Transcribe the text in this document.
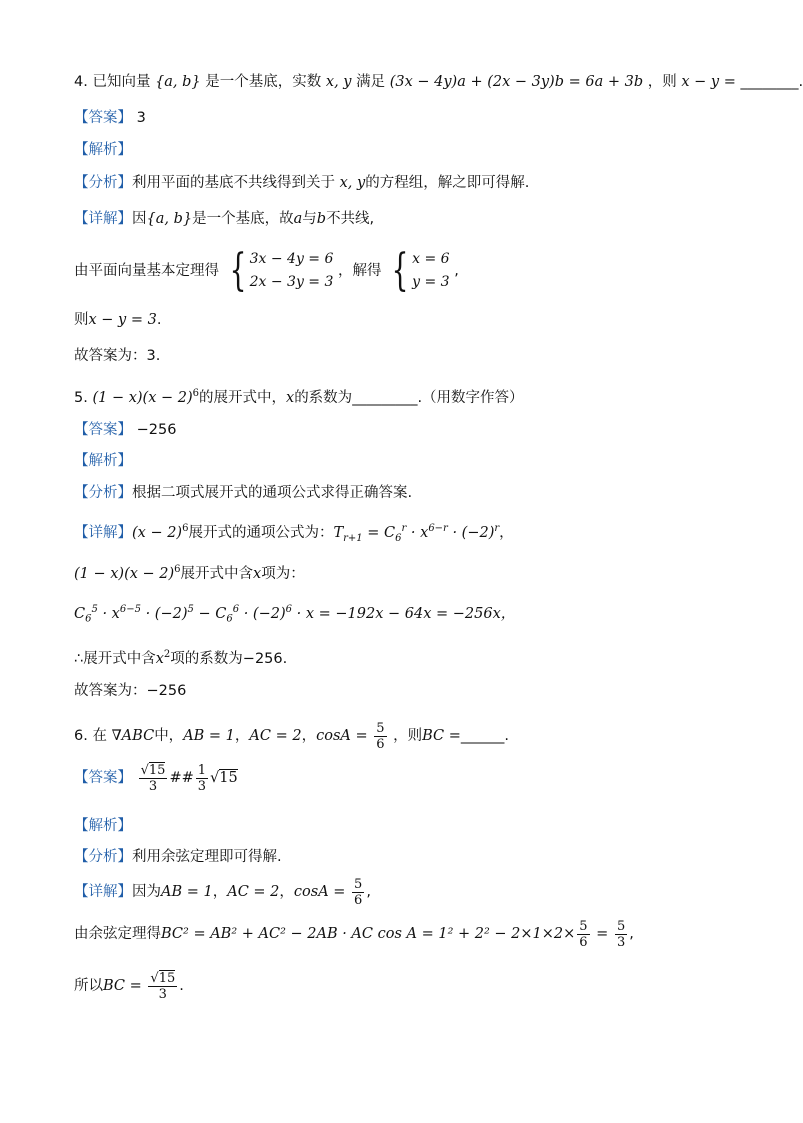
4. 已知向量 {a, b} 是一个基底，实数 x, y 满足 (3x − 4y)a + (2x − 3y)b = 6a + 3b ，则 x − y = ________.
【答案】 3
【解析】
【分析】利用平面的基底不共线得到关于 x, y的方程组，解之即可得解.
【详解】因{a, b}是一个基底，故a与b不共线,
由平面向量基本定理得 { 3x − 4y = 6
2x − 3y = 3
，解得 { x = 6
y = 3
,
则x − y = 3.
故答案为：3.
5. $(1 - x)(x - 2)^6$的展开式中，x的系数为_________.（用数字作答）
【答案】 −256
【解析】
【分析】根据二项式展开式的通项公式求得正确答案.
【详解】$(x - 2)^6$展开式的通项公式为：$T_{r+1} = C_6^r \cdot x^{6-r} \cdot (-2)^r$，
$(1 - x)(x - 2)^6$展开式中含x项为：
$C_6^5 \cdot x^{6-5} \cdot (-2)^5 - C_6^6 \cdot (-2)^6 \cdot x = -192x - 64x = -256x$，
∴展开式中含$x^2$项的系数为−256.
故答案为：−256
6. 在 ∇ABC中，AB = 1，AC = 2，$\cos A = \frac{5}{6}$ ，则BC =______.
【答案】 $\frac{√15}{3}$ ## $\frac{1}{3} √15$
【解析】
【分析】利用余弦定理即可得解.
【详解】因为AB = 1，AC = 2，$\cos A = \frac{5}{6}$ ,
由余弦定理得BC² = AB² + AC² − 2AB · AC $\cos A = 1^2 + 2^2 - 2\times 1\times 2\times \frac{5}{6} = \frac{5}{3}$ ,
所以BC = $\frac{√15}{3}$ .
